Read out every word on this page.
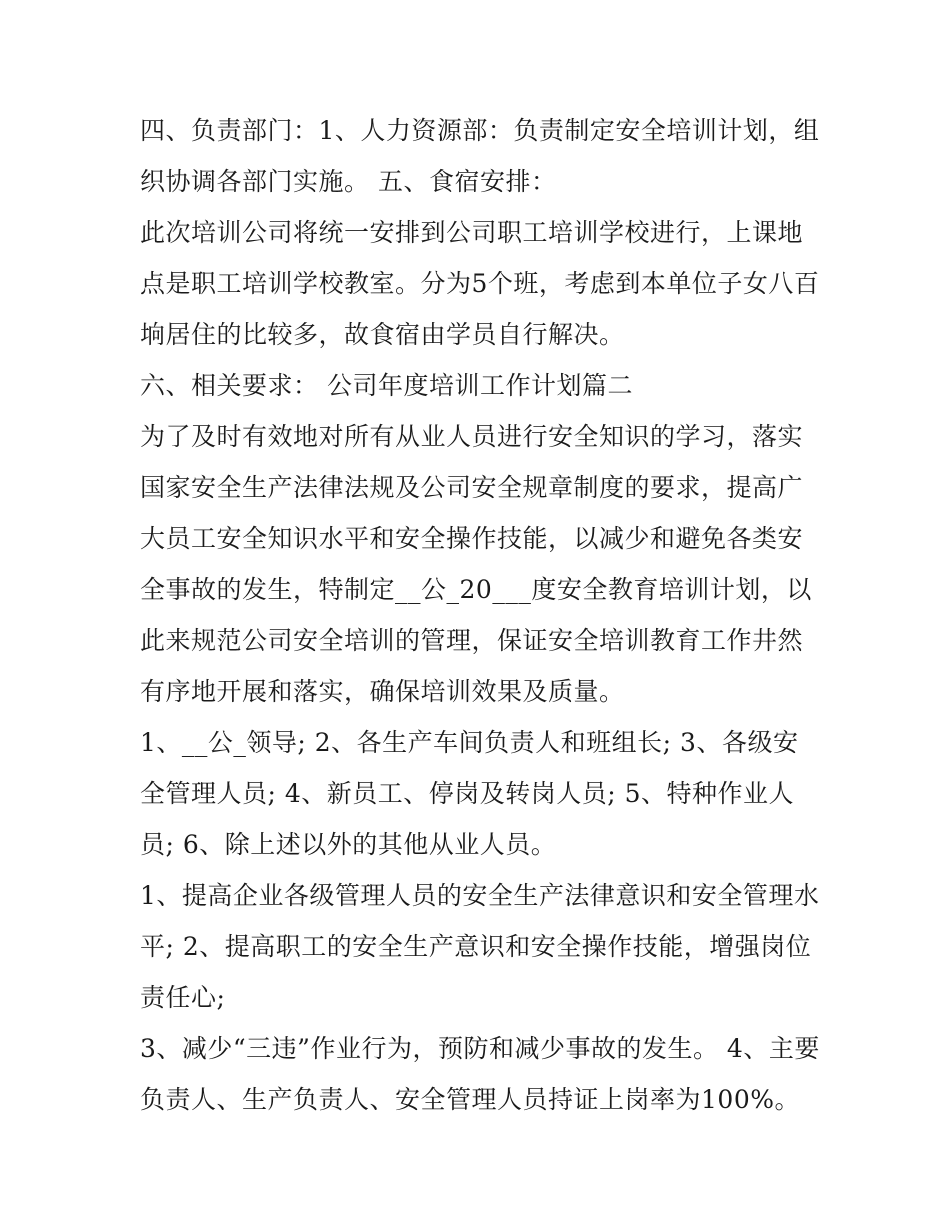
四、负责部门：1、人力资源部：负责制定安全培训计划，组织协调各部门实施。 五、食宿安排：

此次培训公司将统一安排到公司职工培训学校进行，上课地点是职工培训学校教室。分为5个班，考虑到本单位子女八百垧居住的比较多，故食宿由学员自行解决。

六、相关要求： 公司年度培训工作计划篇二

为了及时有效地对所有从业人员进行安全知识的学习，落实国家安全生产法律法规及公司安全规章制度的要求，提高广大员工安全知识水平和安全操作技能，以减少和避免各类安全事故的发生，特制定__公_20___度安全教育培训计划，以此来规范公司安全培训的管理，保证安全培训教育工作井然有序地开展和落实，确保培训效果及质量。

1、__公_领导; 2、各生产车间负责人和班组长; 3、各级安全管理人员; 4、新员工、停岗及转岗人员; 5、特种作业人员; 6、除上述以外的其他从业人员。

1、提高企业各级管理人员的安全生产法律意识和安全管理水平; 2、提高职工的安全生产意识和安全操作技能，增强岗位责任心;

3、减少“三违”作业行为，预防和减少事故的发生。 4、主要负责人、生产负责人、安全管理人员持证上岗率为100%。
